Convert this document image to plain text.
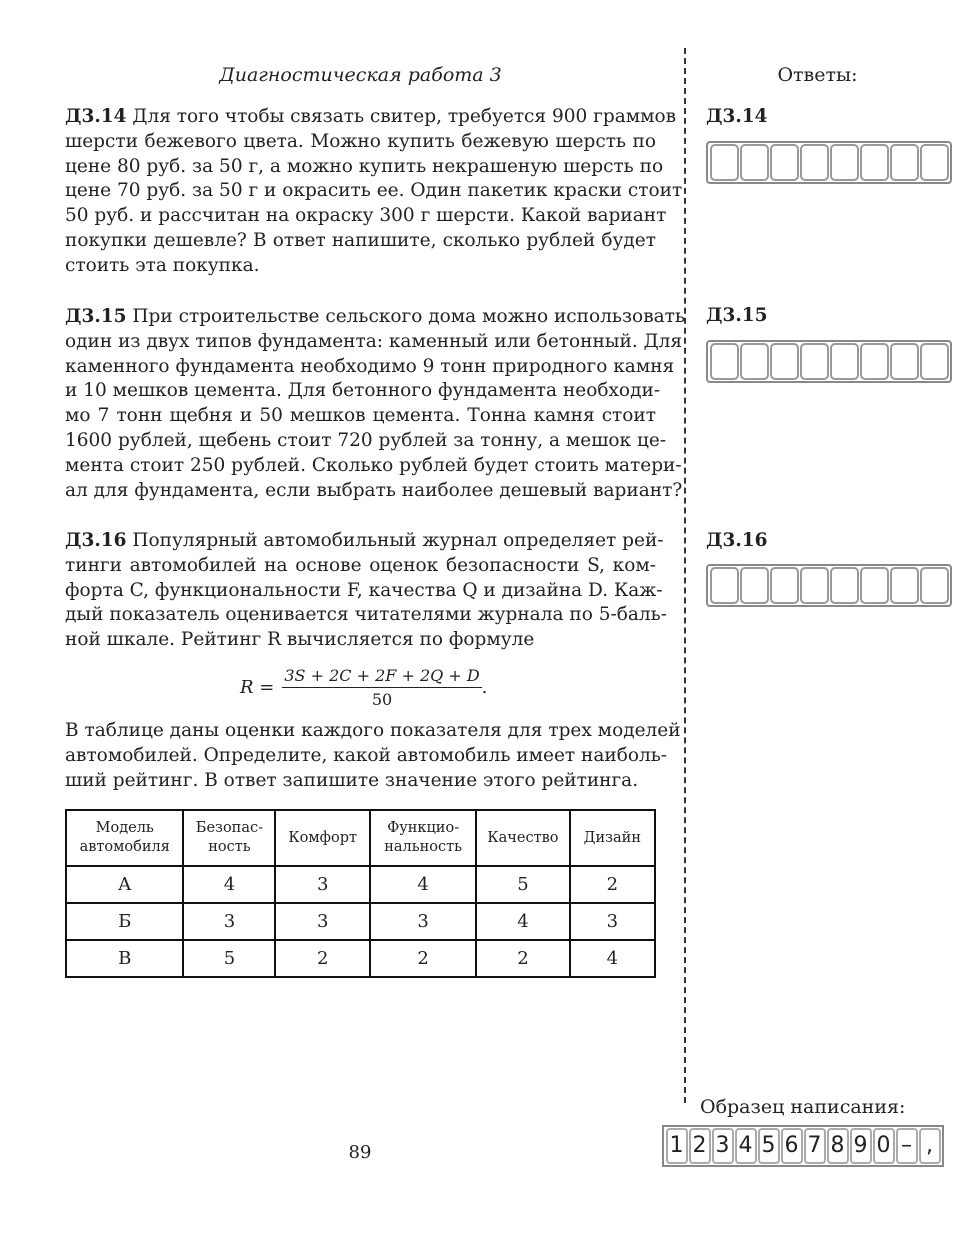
Диагностическая работа 3	Ответы:
Д3.14 Для того чтобы связать свитер, требуется 900 граммов
шерсти бежевого цвета. Можно купить бежевую шерсть по
цене 80 руб. за 50 г, а можно купить некрашеную шерсть по
цене 70 руб. за 50 г и окрасить ее. Один пакетик краски стоит
50 руб. и рассчитан на окраску 300 г шерсти. Какой вариант
покупки дешевле? В ответ напишите, сколько рублей будет
стоить эта покупка.
Д3.15 При строительстве сельского дома можно использовать
один из двух типов фундамента: каменный или бетонный. Для
каменного фундамента необходимо 9 тонн природного камня
и 10 мешков цемента. Для бетонного фундамента необходи-
мо 7 тонн щебня и 50 мешков цемента. Тонна камня стоит
1600 рублей, щебень стоит 720 рублей за тонну, а мешок це-
мента стоит 250 рублей. Сколько рублей будет стоить матери-
ал для фундамента, если выбрать наиболее дешевый вариант?
Д3.16 Популярный автомобильный журнал определяет рей-
тинги автомобилей на основе оценок безопасности S, ком-
форта C, функциональности F, качества Q и дизайна D. Каж-
дый показатель оценивается читателями журнала по 5-баль-
ной шкале. Рейтинг R вычисляется по формуле
$R = \frac{3S + 2C + 2F + 2Q + D}{50}$ .
В таблице даны оценки каждого показателя для трех моделей
автомобилей. Определите, какой автомобиль имеет наиболь-
ший рейтинг. В ответ запишите значение этого рейтинга.
Модель автомобиля	Безопас-ность	Комфорт	Функцио-нальность	Качество	Дизайн
А	4	3	4	5	2
Б	3	3	3	4	3
В	5	2	2	2	4
Д3.14
Д3.15
Д3.16
Образец написания:
1 2 3 4 5 6 7 8 9 0 – ,
89
